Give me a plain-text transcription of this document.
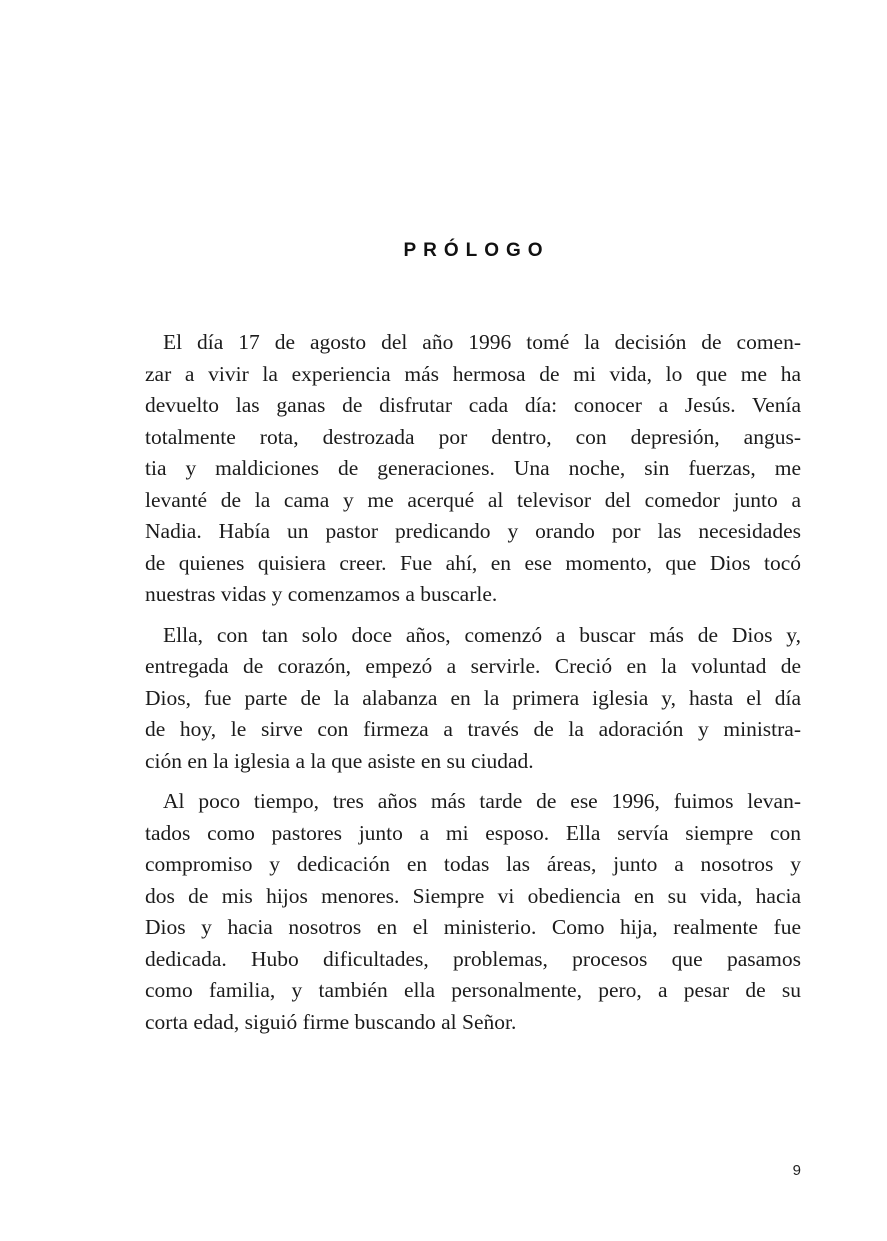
PRÓLOGO

El día 17 de agosto del año 1996 tomé la decisión de comen-
zar a vivir la experiencia más hermosa de mi vida, lo que me ha
devuelto las ganas de disfrutar cada día: conocer a Jesús. Venía
totalmente rota, destrozada por dentro, con depresión, angus-
tia y maldiciones de generaciones. Una noche, sin fuerzas, me
levanté de la cama y me acerqué al televisor del comedor junto a
Nadia. Había un pastor predicando y orando por las necesidades
de quienes quisiera creer. Fue ahí, en ese momento, que Dios tocó
nuestras vidas y comenzamos a buscarle.

Ella, con tan solo doce años, comenzó a buscar más de Dios y,
entregada de corazón, empezó a servirle. Creció en la voluntad de
Dios, fue parte de la alabanza en la primera iglesia y, hasta el día
de hoy, le sirve con firmeza a través de la adoración y ministra-
ción en la iglesia a la que asiste en su ciudad.

Al poco tiempo, tres años más tarde de ese 1996, fuimos levan-
tados como pastores junto a mi esposo. Ella servía siempre con
compromiso y dedicación en todas las áreas, junto a nosotros y
dos de mis hijos menores. Siempre vi obediencia en su vida, hacia
Dios y hacia nosotros en el ministerio. Como hija, realmente fue
dedicada. Hubo dificultades, problemas, procesos que pasamos
como familia, y también ella personalmente, pero, a pesar de su
corta edad, siguió firme buscando al Señor.

9
